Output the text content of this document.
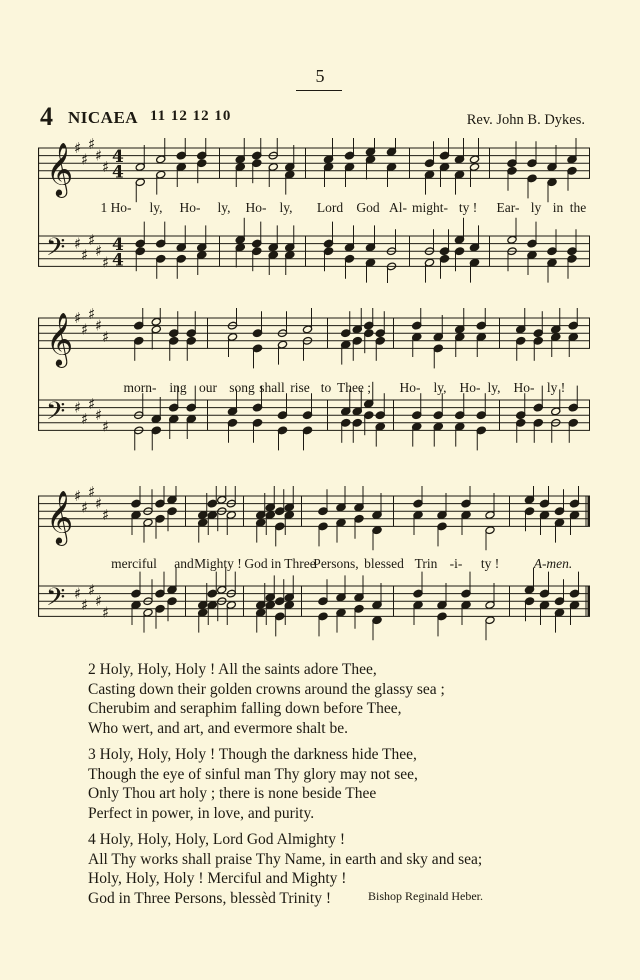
5
4 NICAEA 11 12 12 10	Rev. John B. Dykes.
𝄞
𝄢
♯
♯
♯
♯
♯
♯
♯
♯
♯
♯
4
4
4
4
1 Ho- ly, Ho- ly, Ho- ly, Lord God Al- might- ty ! Ear- ly in the
𝄞
𝄢
♯
♯
♯
♯
♯
♯
♯
♯
♯
♯
morn- ing our song shall rise to Thee ; Ho- ly, Ho- ly, Ho- ly !
𝄞
𝄢
♯
♯
♯
♯
♯
♯
♯
♯
♯
♯
merciful and Mighty ! God in Three
Persons, blessed Trin -i- ty !	A-men.
2 Holy, Holy, Holy ! All the saints adore Thee,
Casting down their golden crowns around the glassy sea ;
Cherubim and seraphim falling down before Thee,
Who wert, and art, and evermore shalt be.
3 Holy, Holy, Holy ! Though the darkness hide Thee,
Though the eye of sinful man Thy glory may not see,
Only Thou art holy ; there is none beside Thee
Perfect in power, in love, and purity.
4 Holy, Holy, Holy, Lord God Almighty !
All Thy works shall praise Thy Name, in earth and sky and sea;
Holy, Holy, Holy ! Merciful and Mighty !
God in Three Persons, blessèd Trinity !	Bishop Reginald Heber.
